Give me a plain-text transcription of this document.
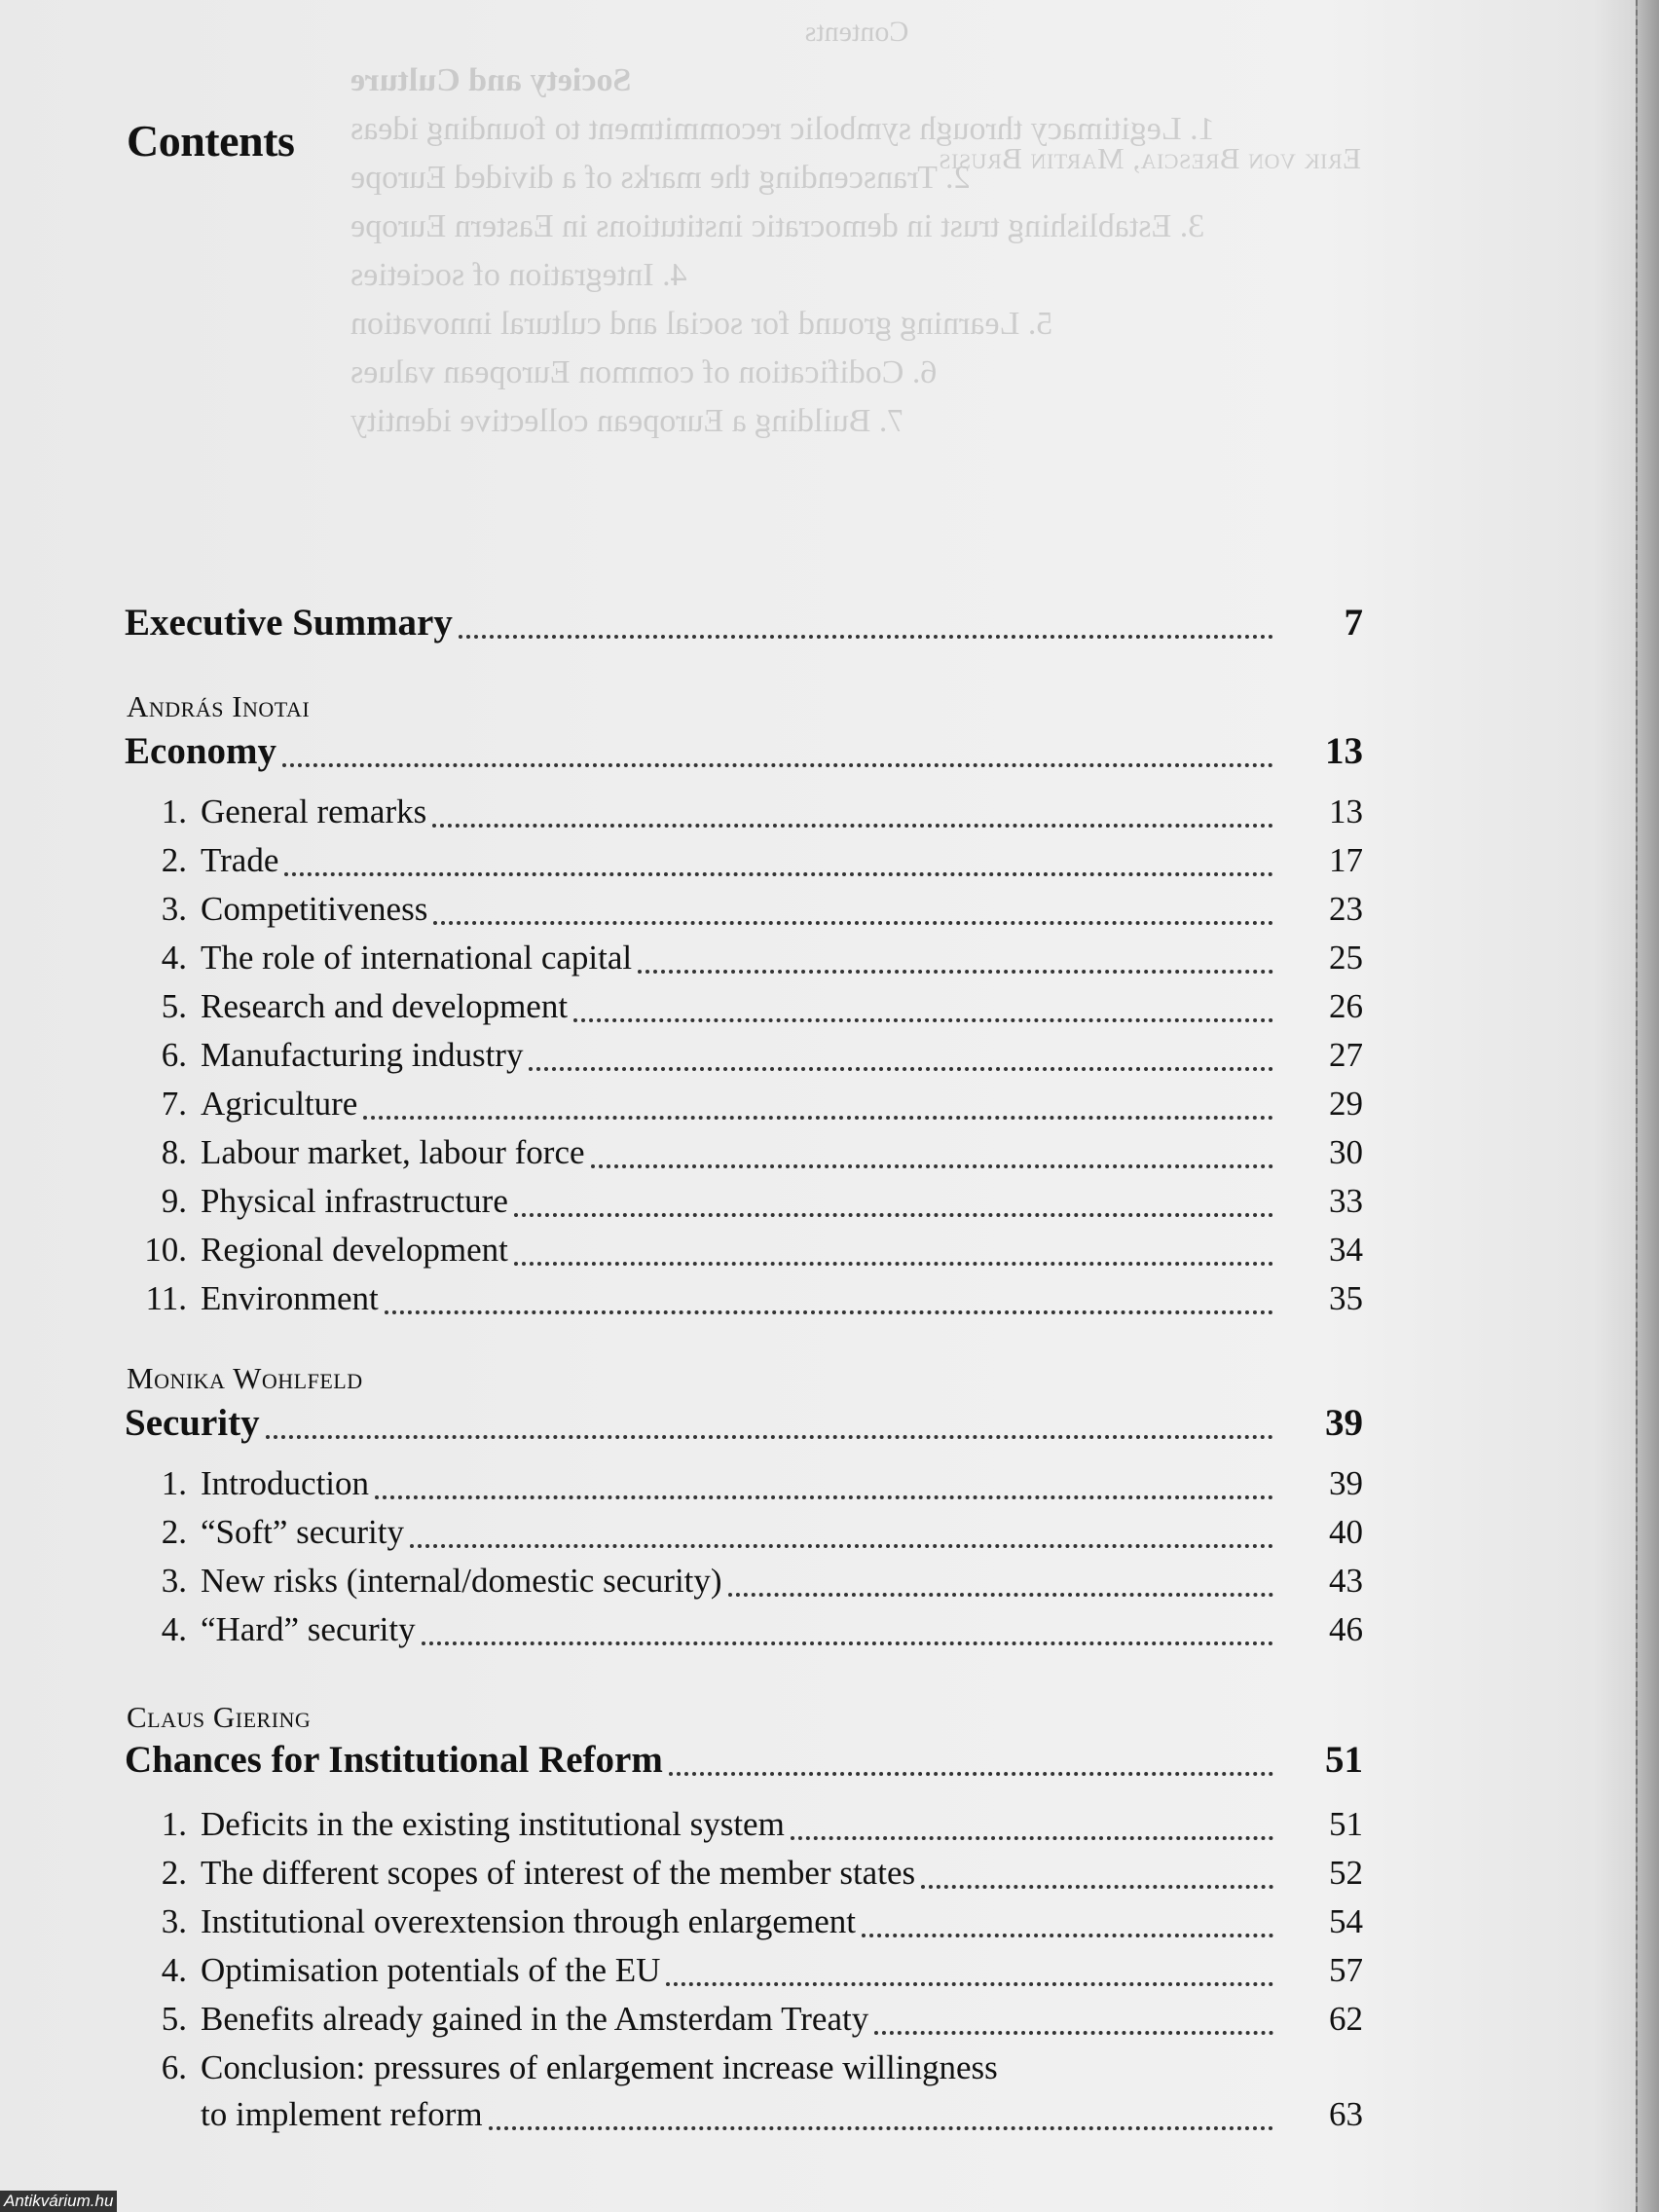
Contents
Erik von Brescia, Martin Brusis
Society and Culture
1. Legitimacy through symbolic recommitment to founding ideas
2. Transcending the marks of a divided Europe
3. Establishing trust in democratic institutions in Eastern Europe
4. Integration of societies
5. Learning ground for social and cultural innovation
6. Codification of common European values
7. Building a European collective identity
Contents
Executive Summary	7
András Inotai
Economy	13
1. General remarks	13
2. Trade	17
3. Competitiveness	23
4. The role of international capital	25
5. Research and development	26
6. Manufacturing industry	27
7. Agriculture	29
8. Labour market, labour force	30
9. Physical infrastructure	33
10. Regional development	34
11. Environment	35
Monika Wohlfeld
Security	39
1. Introduction	39
2. “Soft” security	40
3. New risks (internal/domestic security)	43
4. “Hard” security	46
Claus Giering
Chances for Institutional Reform	51
1. Deficits in the existing institutional system	51
2. The different scopes of interest of the member states	52
3. Institutional overextension through enlargement	54
4. Optimisation potentials of the EU	57
5. Benefits already gained in the Amsterdam Treaty	62
6. Conclusion: pressures of enlargement increase willingness
to implement reform	63
Antikvárium.hu
